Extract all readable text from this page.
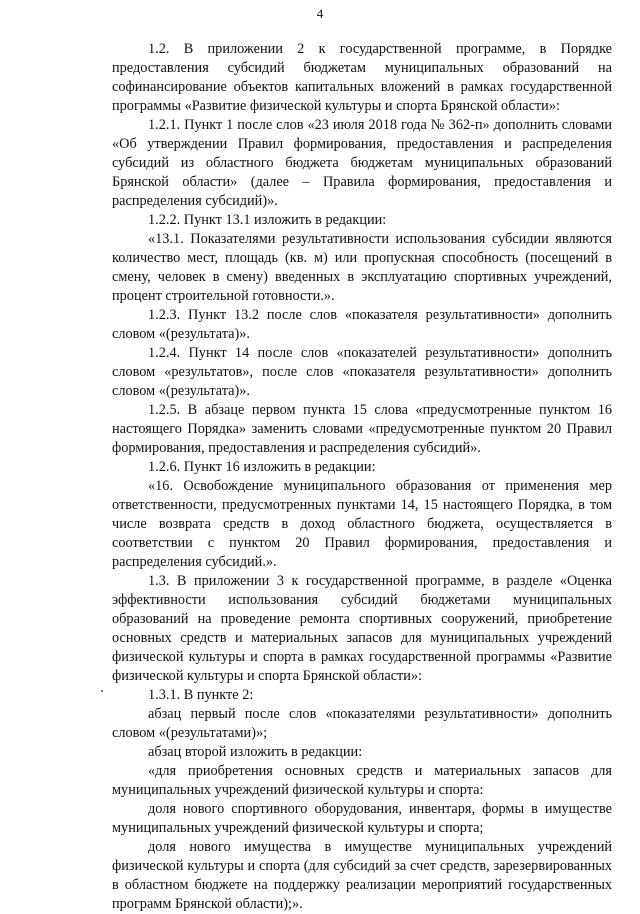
4

1.2. В приложении 2 к государственной программе, в Порядке предоставления субсидий бюджетам муниципальных образований на софинансирование объектов капитальных вложений в рамках государственной программы «Развитие физической культуры и спорта Брянской области»:

1.2.1. Пункт 1 после слов «23 июля 2018 года № 362-п» дополнить словами «Об утверждении Правил формирования, предоставления и распределения субсидий из областного бюджета бюджетам муниципальных образований Брянской области» (далее – Правила формирования, предоставления и распределения субсидий)».

1.2.2. Пункт 13.1 изложить в редакции:

«13.1. Показателями результативности использования субсидии являются количество мест, площадь (кв. м) или пропускная способность (посещений в смену, человек в смену) введенных в эксплуатацию спортивных учреждений, процент строительной готовности.».

1.2.3. Пункт 13.2 после слов «показателя результативности» дополнить словом «(результата)».

1.2.4. Пункт 14 после слов «показателей результативности» дополнить словом «результатов», после слов «показателя результативности» дополнить словом «(результата)».

1.2.5. В абзаце первом пункта 15 слова «предусмотренные пунктом 16 настоящего Порядка» заменить словами «предусмотренные пунктом 20 Правил формирования, предоставления и распределения субсидий».

1.2.6. Пункт 16 изложить в редакции:

«16. Освобождение муниципального образования от применения мер ответственности, предусмотренных пунктами 14, 15 настоящего Порядка, в том числе возврата средств в доход областного бюджета, осуществляется в соответствии с пунктом 20 Правил формирования, предоставления и распределения субсидий.».

1.3. В приложении 3 к государственной программе, в разделе «Оценка эффективности использования субсидий бюджетами муниципальных образований на проведение ремонта спортивных сооружений, приобретение основных средств и материальных запасов для муниципальных учреждений физической культуры и спорта в рамках государственной программы «Развитие физической культуры и спорта Брянской области»:

1.3.1. В пункте 2:

абзац первый после слов «показателями результативности» дополнить словом «(результатами)»;

абзац второй изложить в редакции:

«для приобретения основных средств и материальных запасов для муниципальных учреждений физической культуры и спорта:

доля нового спортивного оборудования, инвентаря, формы в имуществе муниципальных учреждений физической культуры и спорта;

доля нового имущества в имуществе муниципальных учреждений физической культуры и спорта (для субсидий за счет средств, зарезервированных в областном бюджете на поддержку реализации мероприятий государственных программ Брянской области);».
